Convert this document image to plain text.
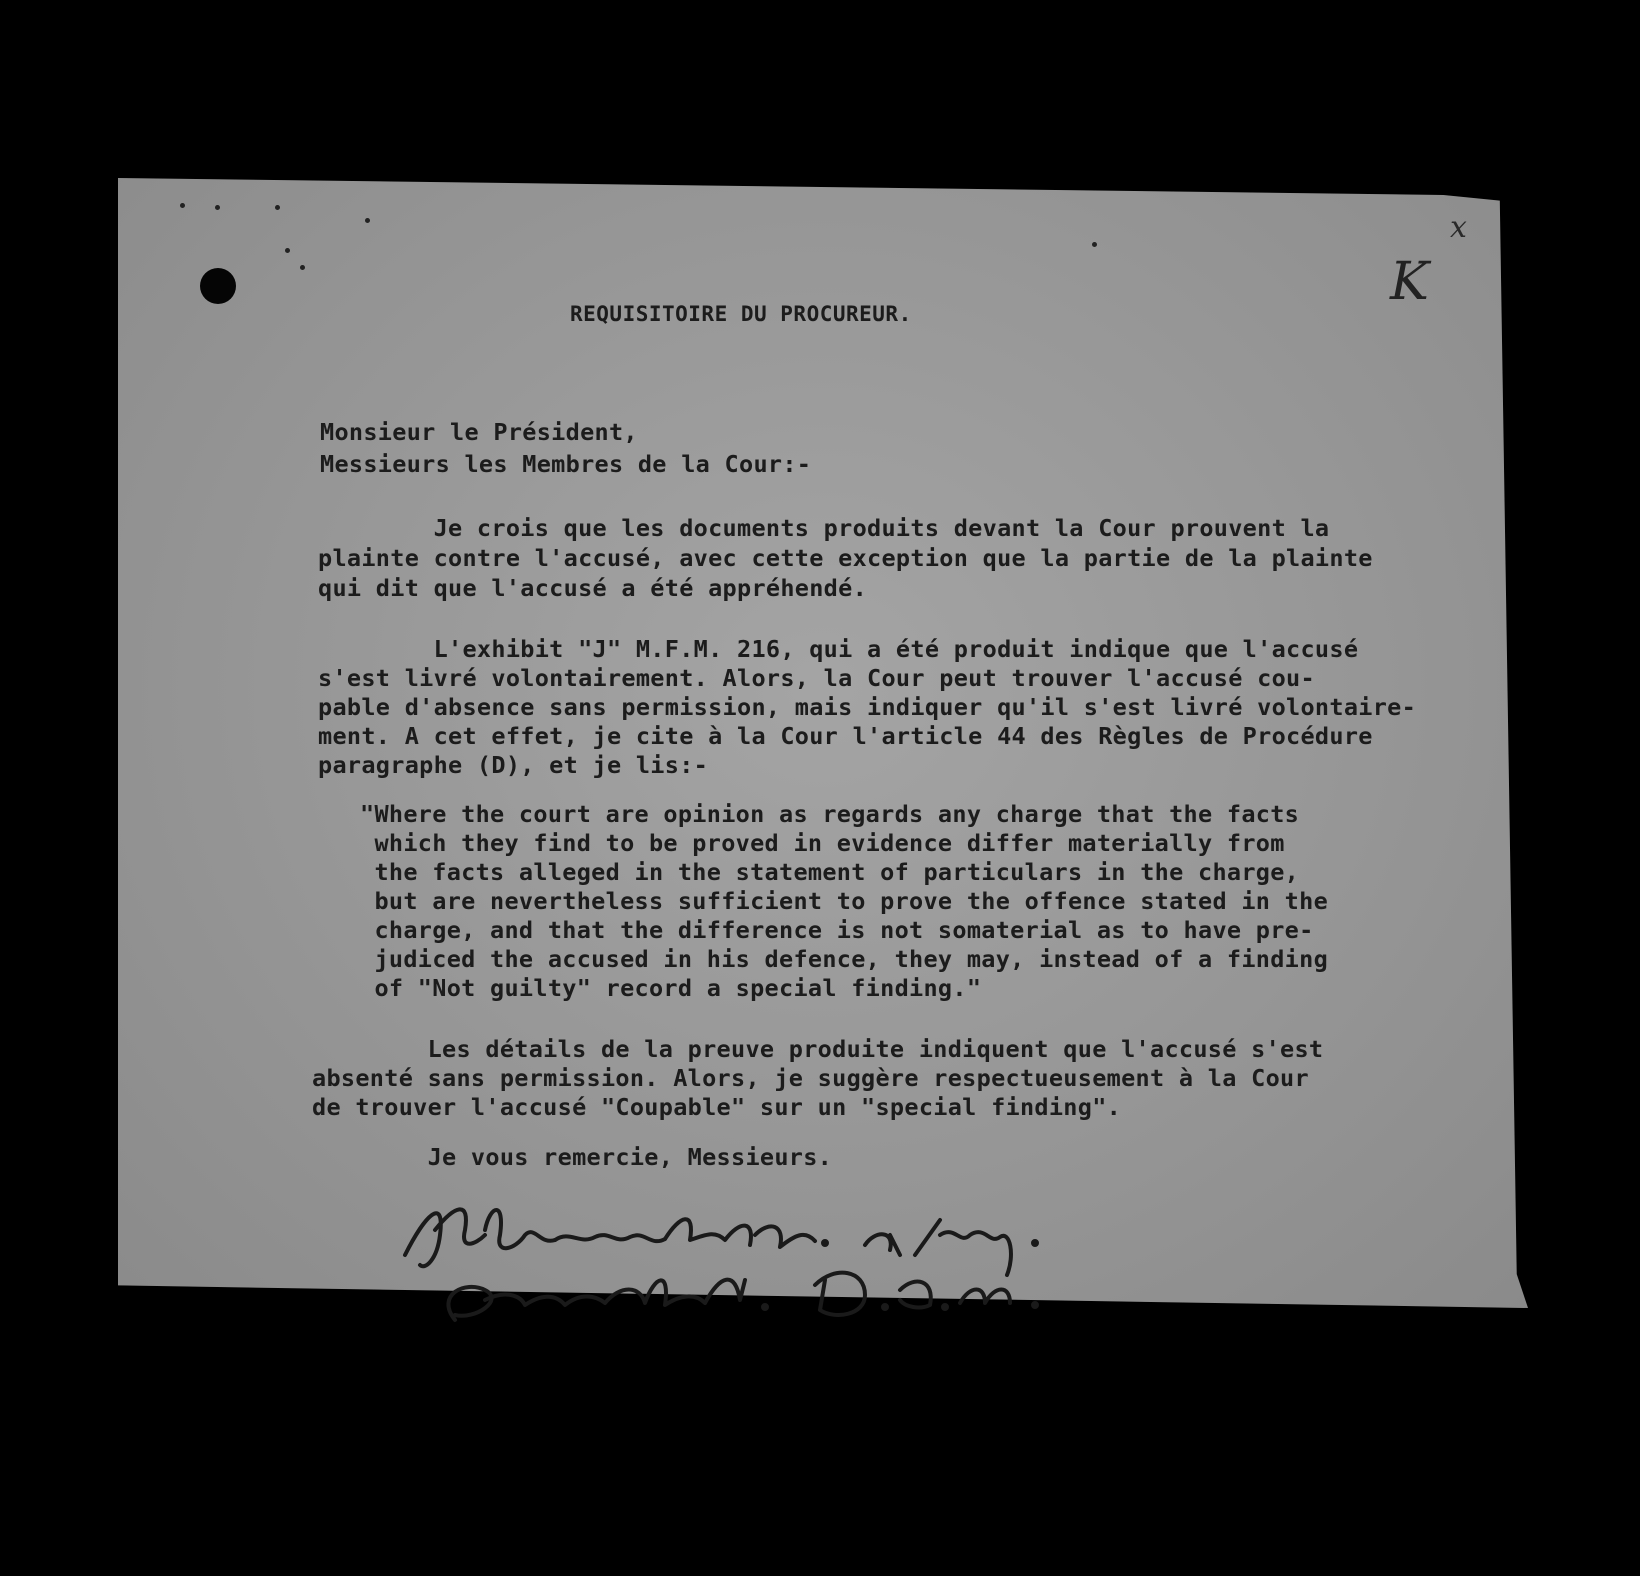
x
K
REQUISITOIRE DU PROCUREUR.
Monsieur le Président,
Messieurs les Membres de la Cour:-
Je crois que les documents produits devant la Cour prouvent la
plainte contre l'accusé, avec cette exception que la partie de la plainte
qui dit que l'accusé a été appréhendé.
L'exhibit "J" M.F.M. 216, qui a été produit indique que l'accusé
s'est livré volontairement. Alors, la Cour peut trouver l'accusé cou-
pable d'absence sans permission, mais indiquer qu'il s'est livré volontaire-
ment. A cet effet, je cite à la Cour l'article 44 des Règles de Procédure
paragraphe (D), et je lis:-
"Where the court are opinion as regards any charge that the facts
which they find to be proved in evidence differ materially from
the facts alleged in the statement of particulars in the charge,
but are nevertheless sufficient to prove the offence stated in the
charge, and that the difference is not somaterial as to have pre-
judiced the accused in his defence, they may, instead of a finding
of "Not guilty" record a special finding."
Les détails de la preuve produite indiquent que l'accusé s'est
absenté sans permission. Alors, je suggère respectueusement à la Cour
de trouver l'accusé "Coupable" sur un "special finding".
Je vous remercie, Messieurs.
